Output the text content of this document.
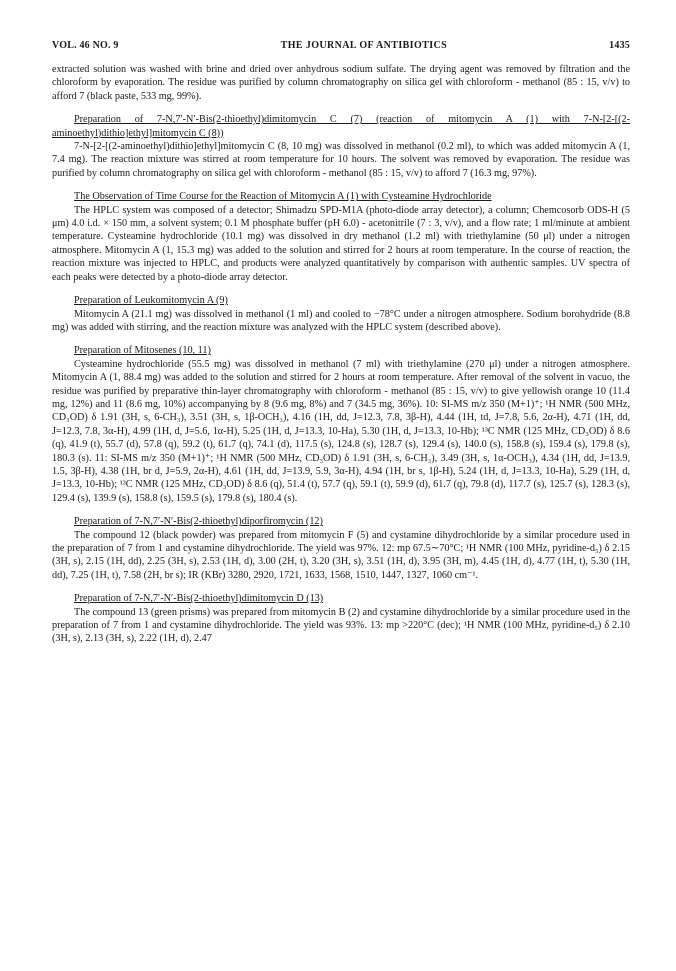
VOL. 46 NO. 9	THE JOURNAL OF ANTIBIOTICS	1435

extracted solution was washed with brine and dried over anhydrous sodium sulfate. The drying agent was removed by filtration and the chloroform by evaporation. The residue was purified by column chromatography on silica gel with chloroform - methanol (85 : 15, v/v) to afford 7 (black paste, 533 mg, 99%).

Preparation of 7-N,7′-N′-Bis(2-thioethyl)dimitomycin C (7) (reaction of mitomycin A (1) with 7-N-[2-[(2-aminoethyl)dithio]ethyl]mitomycin C (8))

7-N-[2-[(2-aminoethyl)dithio]ethyl]mitomycin C (8, 10 mg) was dissolved in methanol (0.2 ml), to which was added mitomycin A (1, 7.4 mg). The reaction mixture was stirred at room temperature for 10 hours. The solvent was removed by evaporation. The residue was purified by column chromatography on silica gel with chloroform - methanol (85 : 15, v/v) to afford 7 (16.3 mg, 97%).

The Observation of Time Course for the Reaction of Mitomycin A (1) with Cysteamine Hydrochloride

The HPLC system was composed of a detector; Shimadzu SPD-M1A (photo-diode array detector), a column; Chemcosorb ODS-H (5 μm) 4.0 i.d. × 150 mm, a solvent system; 0.1 M phosphate buffer (pH 6.0) - acetonitrile (7 : 3, v/v), and a flow rate; 1 ml/minute at ambient temperature. Cysteamine hydrochloride (10.1 mg) was dissolved in dry methanol (1.2 ml) with triethylamine (50 μl) under a nitrogen atmosphere. Mitomycin A (1, 15.3 mg) was added to the solution and stirred for 2 hours at room temperature. In the course of reaction, the reaction mixture was injected to HPLC, and products were analyzed quantitatively by comparison with authentic samples. UV spectra of each peaks were detected by a photo-diode array detector.

Preparation of Leukomitomycin A (9)

Mitomycin A (21.1 mg) was dissolved in methanol (1 ml) and cooled to −78°C under a nitrogen atmosphere. Sodium borohydride (8.8 mg) was added with stirring, and the reaction mixture was analyzed with the HPLC system (described above).

Preparation of Mitosenes (10, 11)

Cysteamine hydrochloride (55.5 mg) was dissolved in methanol (7 ml) with triethylamine (270 μl) under a nitrogen atmosphere. Mitomycin A (1, 88.4 mg) was added to the solution and stirred for 2 hours at room temperature. After removal of the solvent in vacuo, the residue was purified by preparative thin-layer chromatography with chloroform - methanol (85 : 15, v/v) to give yellowish orange 10 (11.4 mg, 12%) and 11 (8.6 mg, 10%) accompanying by 8 (9.6 mg, 8%) and 7 (34.5 mg, 36%). 10: SI-MS m/z 350 (M+1)⁺; ¹H NMR (500 MHz, CD₃OD) δ 1.91 (3H, s, 6-CH₃), 3.51 (3H, s, 1β-OCH₃), 4.16 (1H, dd, J=12.3, 7.8, 3β-H), 4.44 (1H, td, J=7.8, 5.6, 2α-H), 4.71 (1H, dd, J=12.3, 7.8, 3α-H), 4.99 (1H, d, J=5.6, 1α-H), 5.25 (1H, d, J=13.3, 10-Ha), 5.30 (1H, d, J=13.3, 10-Hb); ¹³C NMR (125 MHz, CD₃OD) δ 8.6 (q), 41.9 (t), 55.7 (d), 57.8 (q), 59.2 (t), 61.7 (q), 74.1 (d), 117.5 (s), 124.8 (s), 128.7 (s), 129.4 (s), 140.0 (s), 158.8 (s), 159.4 (s), 179.8 (s), 180.3 (s). 11: SI-MS m/z 350 (M+1)⁺; ¹H NMR (500 MHz, CD₃OD) δ 1.91 (3H, s, 6-CH₃), 3.49 (3H, s, 1α-OCH₃), 4.34 (1H, dd, J=13.9, 1.5, 3β-H), 4.38 (1H, br d, J=5.9, 2α-H), 4.61 (1H, dd, J=13.9, 5.9, 3α-H), 4.94 (1H, br s, 1β-H), 5.24 (1H, d, J=13.3, 10-Ha), 5.29 (1H, d, J=13.3, 10-Hb); ¹³C NMR (125 MHz, CD₃OD) δ 8.6 (q), 51.4 (t), 57.7 (q), 59.1 (t), 59.9 (d), 61.7 (q), 79.8 (d), 117.7 (s), 125.7 (s), 128.3 (s), 129.4 (s), 139.9 (s), 158.8 (s), 159.5 (s), 179.8 (s), 180.4 (s).

Preparation of 7-N,7′-N′-Bis(2-thioethyl)diporfiromycin (12)

The compound 12 (black powder) was prepared from mitomycin F (5) and cystamine dihydrochloride by a similar procedure used in the preparation of 7 from 1 and cystamine dihydrochloride. The yield was 97%. 12: mp 67.5∼70°C; ¹H NMR (100 MHz, pyridine-d₅) δ 2.15 (3H, s), 2.15 (1H, dd), 2.25 (3H, s), 2.53 (1H, d), 3.00 (2H, t), 3.20 (3H, s), 3.51 (1H, d), 3.95 (3H, m), 4.45 (1H, d), 4.77 (1H, t), 5.30 (1H, dd), 7.25 (1H, t), 7.58 (2H, br s); IR (KBr) 3280, 2920, 1721, 1633, 1568, 1510, 1447, 1327, 1060 cm⁻¹.

Preparation of 7-N,7′-N′-Bis(2-thioethyl)dimitomycin D (13)

The compound 13 (green prisms) was prepared from mitomycin B (2) and cystamine dihydrochloride by a similar procedure used in the preparation of 7 from 1 and cystamine dihydrochloride. The yield was 93%. 13: mp >220°C (dec); ¹H NMR (100 MHz, pyridine-d₅) δ 2.10 (3H, s), 2.13 (3H, s), 2.22 (1H, d), 2.47
